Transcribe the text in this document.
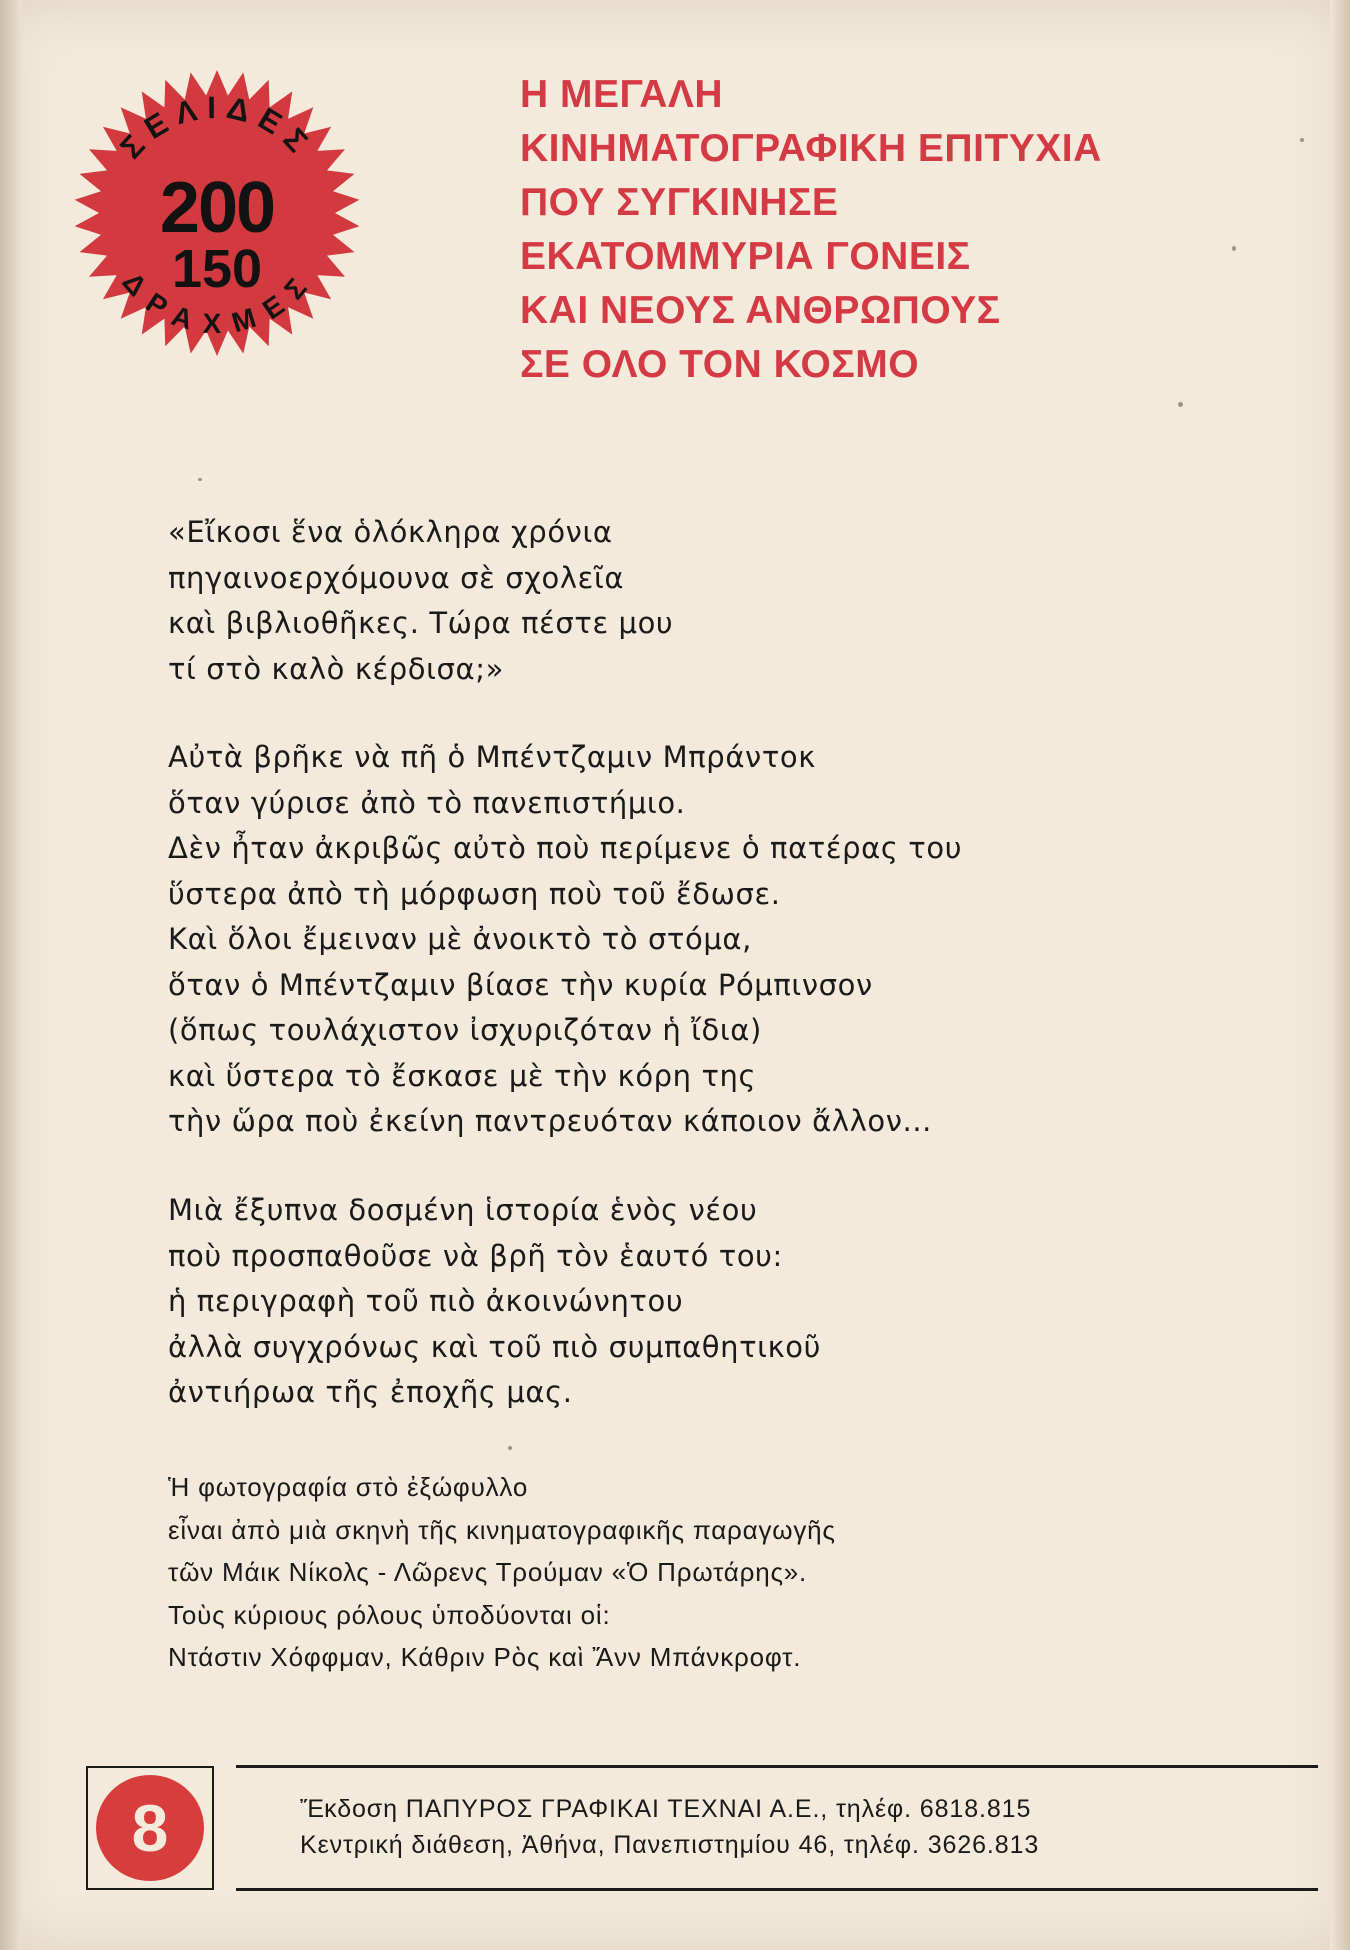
ΣΕΛΙΔΕΣ
ΔΡΑΧΜΕΣ
200
150
Η ΜΕΓΑΛΗ
ΚΙΝΗΜΑΤΟΓΡΑΦΙΚΗ ΕΠΙΤΥΧΙΑ
ΠΟΥ ΣΥΓΚΙΝΗΣΕ
ΕΚΑΤΟΜΜΥΡΙΑ ΓΟΝΕΙΣ
ΚΑΙ ΝΕΟΥΣ ΑΝΘΡΩΠΟΥΣ
ΣΕ ΟΛΟ ΤΟΝ ΚΟΣΜΟ
«Εἴκοσι ἕνα ὁλόκληρα χρόνια
πηγαινοερχόμουνα σὲ σχολεῖα
καὶ βιβλιοθῆκες. Τώρα πέστε μου
τί στὸ καλὸ κέρδισα;»
Αὐτὰ βρῆκε νὰ πῆ ὁ Μπέντζαμιν Μπράντοκ
ὅταν γύρισε ἀπὸ τὸ πανεπιστήμιο.
Δὲν ἦταν ἀκριβῶς αὐτὸ ποὺ περίμενε ὁ πατέρας του
ὕστερα ἀπὸ τὴ μόρφωση ποὺ τοῦ ἔδωσε.
Καὶ ὅλοι ἔμειναν μὲ ἀνοικτὸ τὸ στόμα,
ὅταν ὁ Μπέντζαμιν βίασε τὴν κυρία Ρόμπινσον
(ὅπως τουλάχιστον ἰσχυριζόταν ἡ ἴδια)
καὶ ὕστερα τὸ ἔσκασε μὲ τὴν κόρη της
τὴν ὥρα ποὺ ἐκείνη παντρευόταν κάποιον ἄλλον...
Μιὰ ἔξυπνα δοσμένη ἱστορία ἑνὸς νέου
ποὺ προσπαθοῦσε νὰ βρῆ τὸν ἑαυτό του:
ἡ περιγραφὴ τοῦ πιὸ ἀκοινώνητου
ἀλλὰ συγχρόνως καὶ τοῦ πιὸ συμπαθητικοῦ
ἀντιήρωα τῆς ἐποχῆς μας.
Ἡ φωτογραφία στὸ ἐξώφυλλο
εἶναι ἀπὸ μιὰ σκηνὴ τῆς κινηματογραφικῆς παραγωγῆς
τῶν Μάικ Νίκολς - Λῶρενς Τρούμαν «Ὁ Πρωτάρης».
Τοὺς κύριους ρόλους ὑποδύονται οἱ:
Ντάστιν Χόφφμαν, Κάθριν Ρὸς καὶ Ἄνν Μπάνκροφτ.
8	Ἔκδοση ΠΑΠΥΡΟΣ ΓΡΑΦΙΚΑΙ ΤΕΧΝΑΙ Α.Ε., τηλέφ. 6818.815
Κεντρική διάθεση, Ἀθήνα, Πανεπιστημίου 46, τηλέφ. 3626.813
